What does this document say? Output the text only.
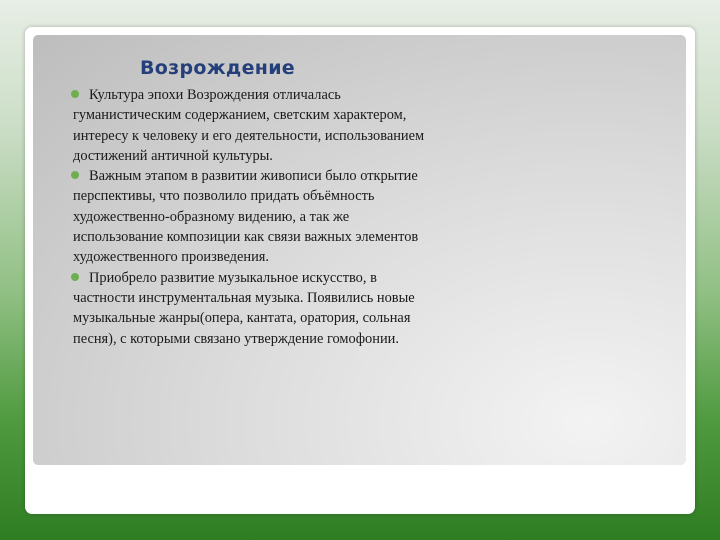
Возрождение
Культура эпохи Возрождения отличалась гуманистическим содержанием, светским характером, интересу к человеку и его деятельности, использованием достижений античной культуры.
Важным этапом в развитии живописи было открытие перспективы, что позволило придать объёмность художественно-образному видению, а так же использование композиции как связи важных элементов художественного произведения.
Приобрело развитие музыкальное искусство, в частности инструментальная музыка. Появились новые музыкальные жанры(опера, кантата, оратория, сольная песня), с которыми связано утверждение гомофонии.
